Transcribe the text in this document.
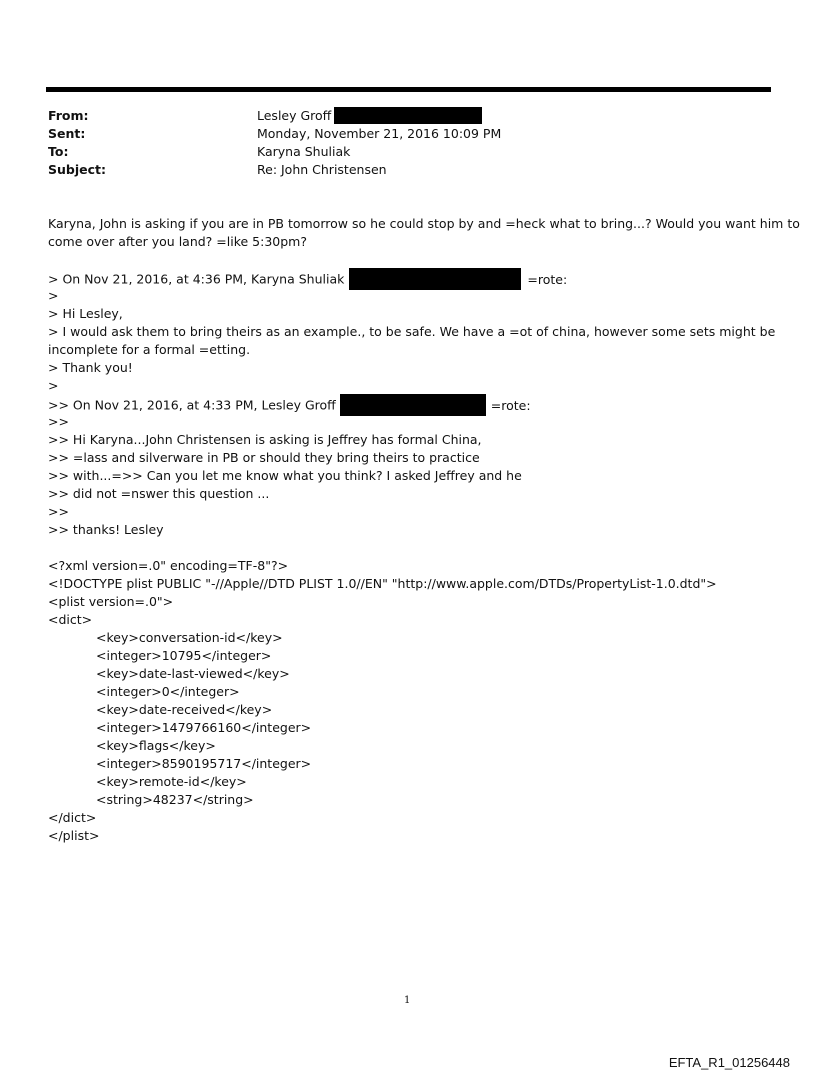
From:	Lesley Groff
Sent:	Monday, November 21, 2016 10:09 PM
To:	Karyna Shuliak
Subject:	Re: John Christensen
Karyna, John is asking if you are in PB tomorrow so he could stop by and =heck what to bring...? Would you want him to
come over after you land? =like 5:30pm?
> On Nov 21, 2016, at 4:36 PM, Karyna Shuliak	=rote:
>
> Hi Lesley,
> I would ask them to bring theirs as an example., to be safe. We have a =ot of china, however some sets might be
incomplete for a formal =etting.
> Thank you!
>
>> On Nov 21, 2016, at 4:33 PM, Lesley Groff	=rote:
>>
>> Hi Karyna...John Christensen is asking is Jeffrey has formal China,
>> =lass and silverware in PB or should they bring theirs to practice
>> with...=>> Can you let me know what you think? I asked Jeffrey and he
>> did not =nswer this question ...
>>
>> thanks! Lesley
<?xml version=.0" encoding=TF-8"?>
<!DOCTYPE plist PUBLIC "-//Apple//DTD PLIST 1.0//EN" "http://www.apple.com/DTDs/PropertyList-1.0.dtd">
<plist version=.0">
<dict>
<key>conversation-id</key>
<integer>10795</integer>
<key>date-last-viewed</key>
<integer>0</integer>
<key>date-received</key>
<integer>1479766160</integer>
<key>flags</key>
<integer>8590195717</integer>
<key>remote-id</key>
<string>48237</string>
</dict>
</plist>
1
EFTA_R1_01256448
